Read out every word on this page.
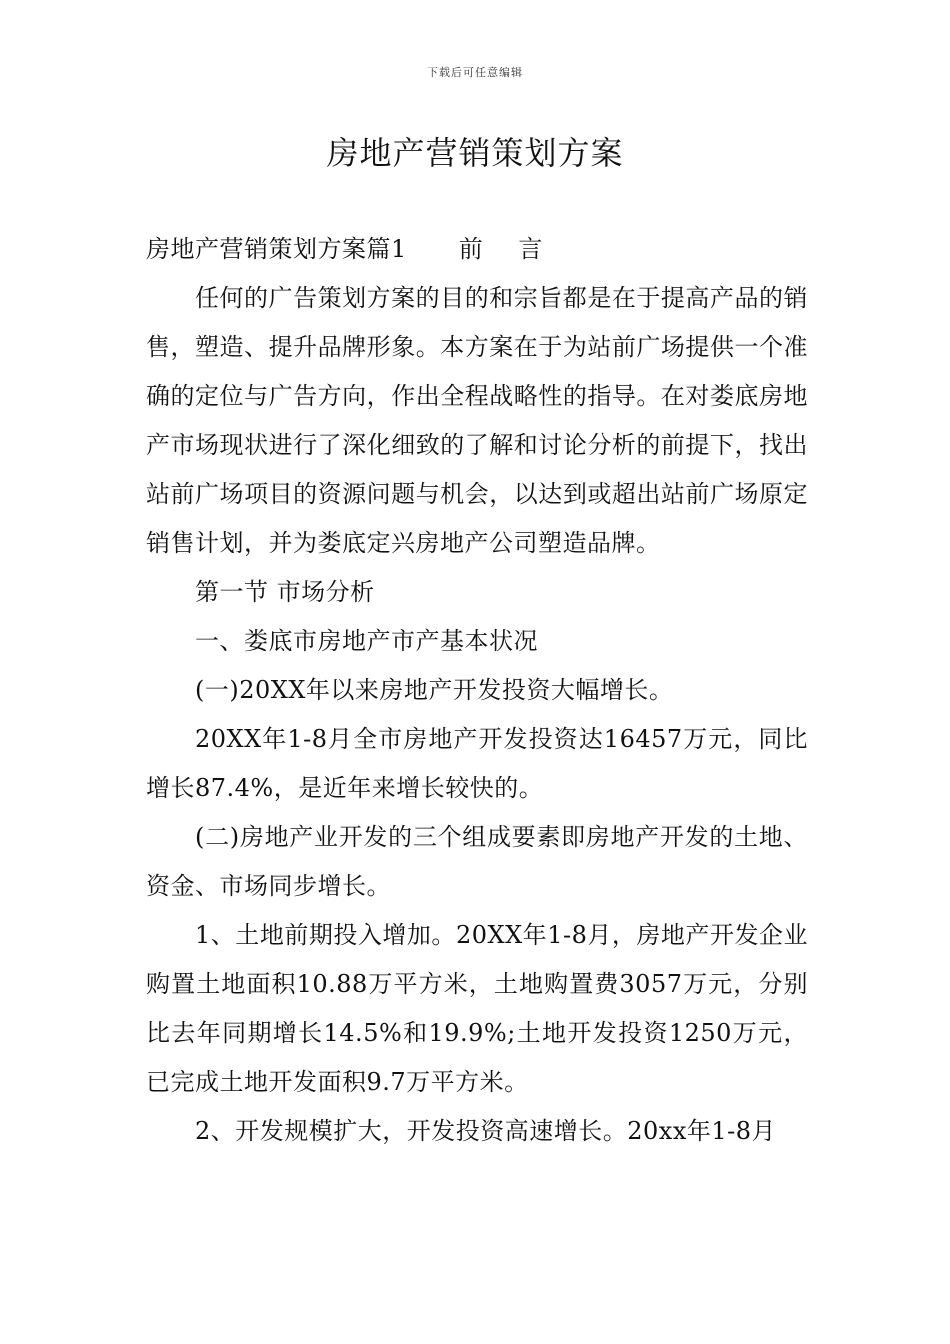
下载后可任意编辑
房地产营销策划方案

房地产营销策划方案篇1 前 言

任何的广告策划方案的目的和宗旨都是在于提高产品的销售，塑造、提升品牌形象。本方案在于为站前广场提供一个准确的定位与广告方向，作出全程战略性的指导。在对娄底房地产市场现状进行了深化细致的了解和讨论分析的前提下，找出站前广场项目的资源问题与机会，以达到或超出站前广场原定销售计划，并为娄底定兴房地产公司塑造品牌。

第一节 市场分析

一、娄底市房地产市产基本状况

(一)20XX年以来房地产开发投资大幅增长。

20XX年1-8月全市房地产开发投资达16457万元，同比增长87.4%，是近年来增长较快的。

(二)房地产业开发的三个组成要素即房地产开发的土地、资金、市场同步增长。

1、土地前期投入增加。20XX年1-8月，房地产开发企业购置土地面积10.88万平方米，土地购置费3057万元，分别比去年同期增长14.5%和19.9%;土地开发投资1250万元，已完成土地开发面积9.7万平方米。

2、开发规模扩大，开发投资高速增长。20xx年1-8月
